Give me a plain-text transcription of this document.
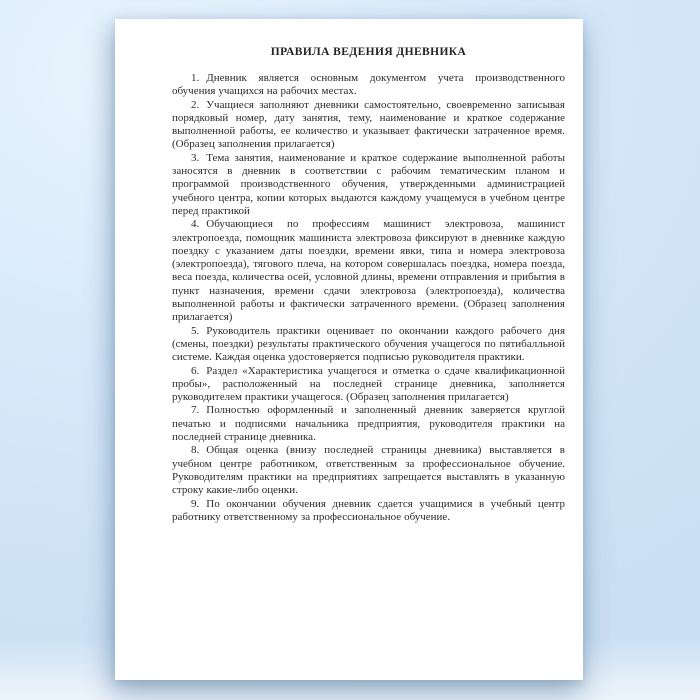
ПРАВИЛА ВЕДЕНИЯ ДНЕВНИКА

1. Дневник является основным документом учета производственного обучения учащихся на рабочих местах.

2. Учащиеся заполняют дневники самостоятельно, своевременно записывая порядковый номер, дату занятия, тему, наименование и краткое содержание выполненной работы, ее количество и указывает фактически затраченное время. (Образец заполнения прилагается)

3. Тема занятия, наименование и краткое содержание выполненной работы заносятся в дневник в соответствии с рабочим тематическим планом и программой производственного обучения, утвержденными администрацией учебного центра, копии которых выдаются каждому учащемуся в учебном центре перед практикой

4. Обучающиеся по профессиям машинист электровоза, машинист электропоезда, помощник машиниста электровоза фиксируют в дневнике каждую поездку с указанием даты поездки, времени явки, типа и номера электровоза (электропоезда), тягового плеча, на котором совершалась поездка, номера поезда, веса поезда, количества осей, условной длины, времени отправления и прибытия в пункт назначения, времени сдачи электровоза (электропоезда), количества выполненной работы и фактически затраченного времени. (Образец заполнения прилагается)

5. Руководитель практики оценивает по окончании каждого рабочего дня (смены, поездки) результаты практического обучения учащегося по пятибалльной системе. Каждая оценка удостоверяется подписью руководителя практики.

6. Раздел «Характеристика учащегося и отметка о сдаче квалификационной пробы», расположенный на последней странице дневника, заполняется руководителем практики учащегося. (Образец заполнения прилагается)

7. Полностью оформленный и заполненный дневник заверяется круглой печатью и подписями начальника предприятия, руководителя практики на последней странице дневника.

8. Общая оценка (внизу последней страницы дневника) выставляется в учебном центре работником, ответственным за профессиональное обучение. Руководителям практики на предприятиях запрещается выставлять в указанную строку какие-либо оценки.

9. По окончании обучения дневник сдается учащимися в учебный центр работнику ответственному за профессиональное обучение.
